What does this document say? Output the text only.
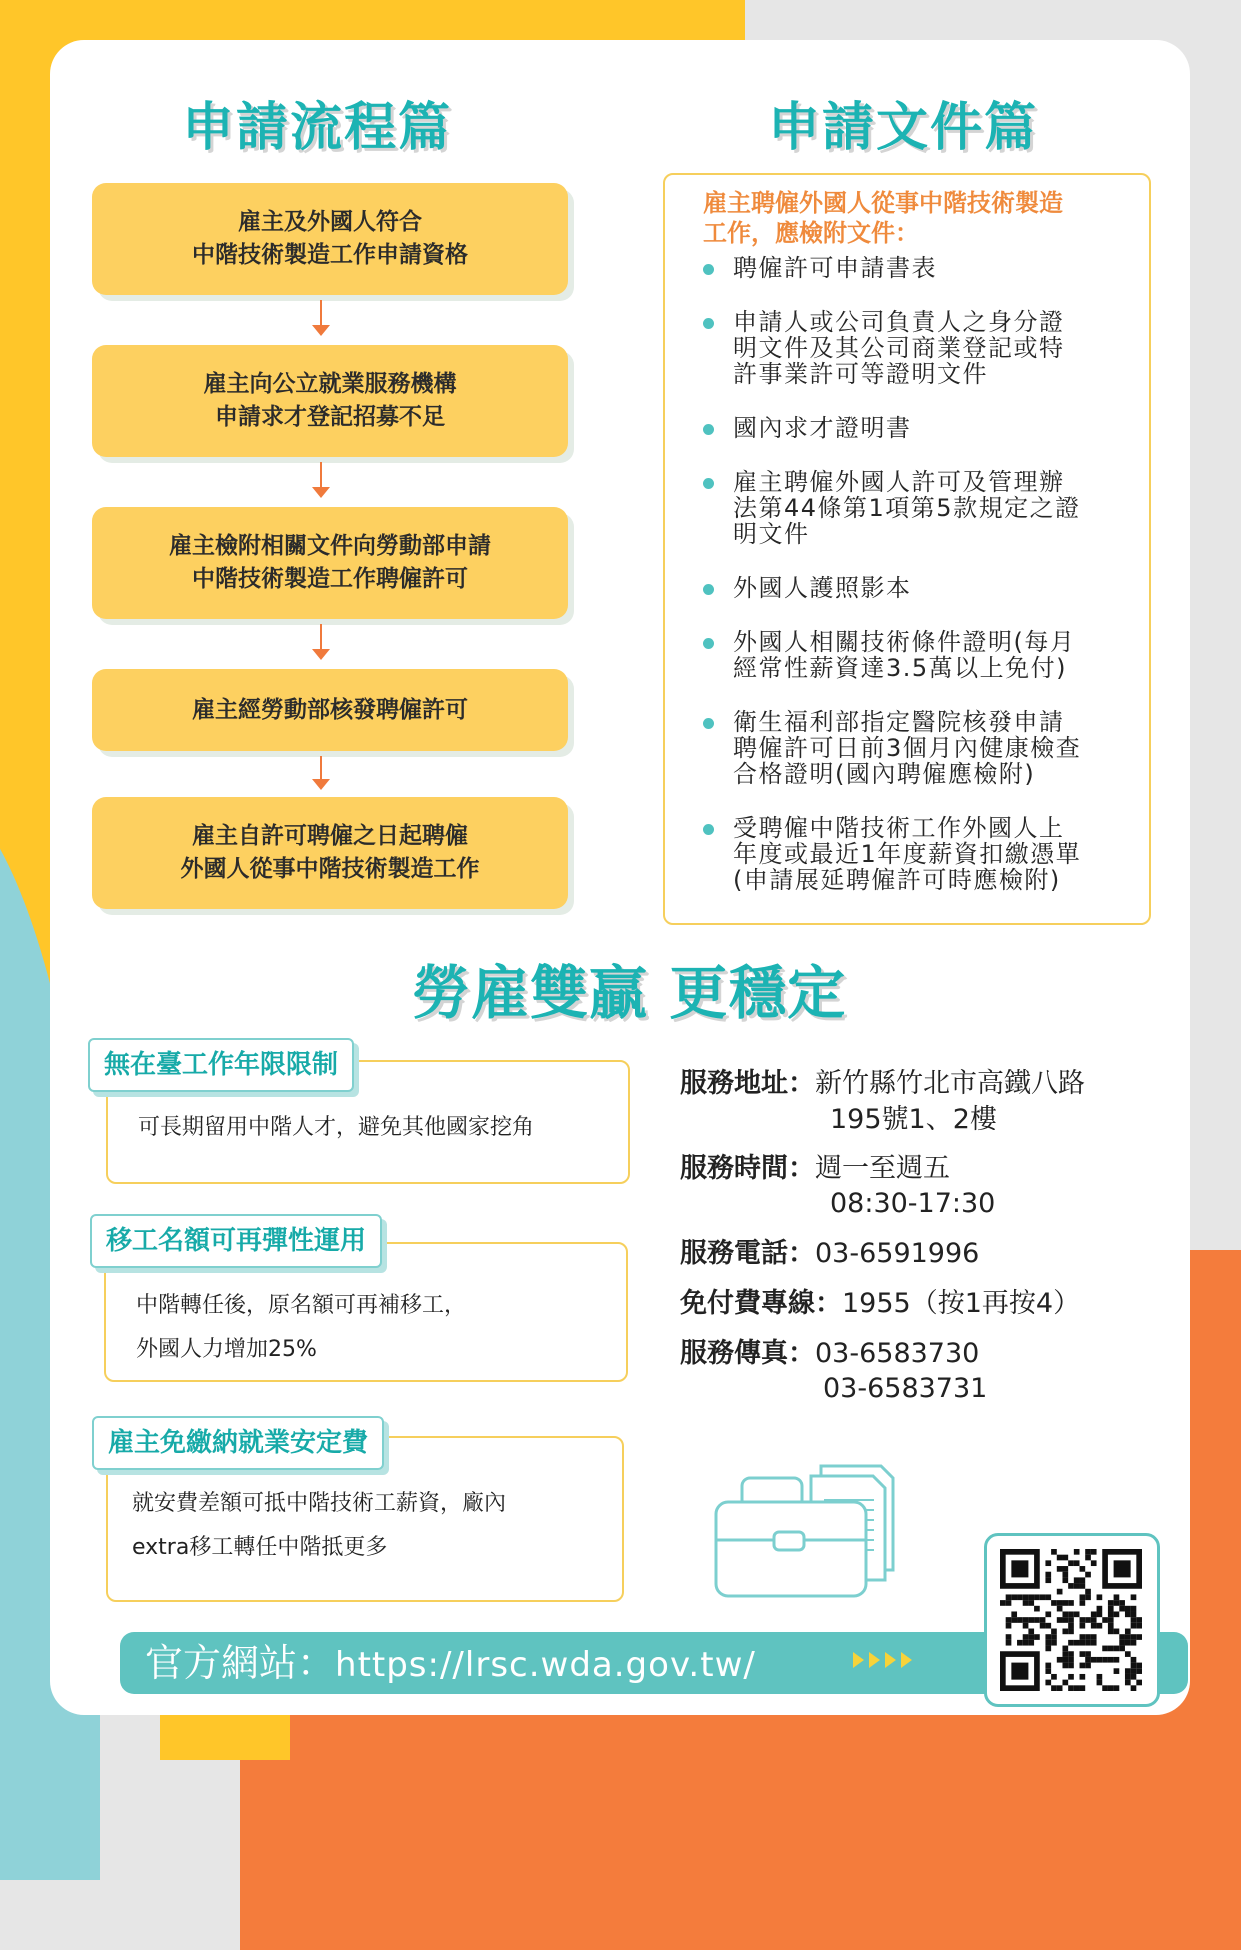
申請流程篇	申請文件篇
雇主及外國人符合
中階技術製造工作申請資格
雇主向公立就業服務機構
申請求才登記招募不足
雇主檢附相關文件向勞動部申請
中階技術製造工作聘僱許可
雇主經勞動部核發聘僱許可
雇主自許可聘僱之日起聘僱
外國人從事中階技術製造工作
雇主聘僱外國人從事中階技術製造
工作，應檢附文件：
聘僱許可申請書表
申請人或公司負責人之身分證
明文件及其公司商業登記或特
許事業許可等證明文件
國內求才證明書
雇主聘僱外國人許可及管理辦
法第44條第1項第5款規定之證
明文件
外國人護照影本
外國人相關技術條件證明(每月
經常性薪資達3.5萬以上免付)
衛生福利部指定醫院核發申請
聘僱許可日前3個月內健康檢查
合格證明(國內聘僱應檢附)
受聘僱中階技術工作外國人上
年度或最近1年度薪資扣繳憑單
(申請展延聘僱許可時應檢附)
勞雇雙贏 更穩定
可長期留用中階人才，避免其他國家挖角
無在臺工作年限限制
中階轉任後，原名額可再補移工，
外國人力增加25%
移工名額可再彈性運用
就安費差額可抵中階技術工薪資，廠內
extra移工轉任中階抵更多
雇主免繳納就業安定費
服務地址：新竹縣竹北市高鐵八路
195號1、2樓
服務時間：週一至週五
08:30-17:30
服務電話：03-6591996
免付費專線：1955（按1再按4）
服務傳真：03-6583730
03-6583731
官方網站：https://lrsc.wda.gov.tw/
